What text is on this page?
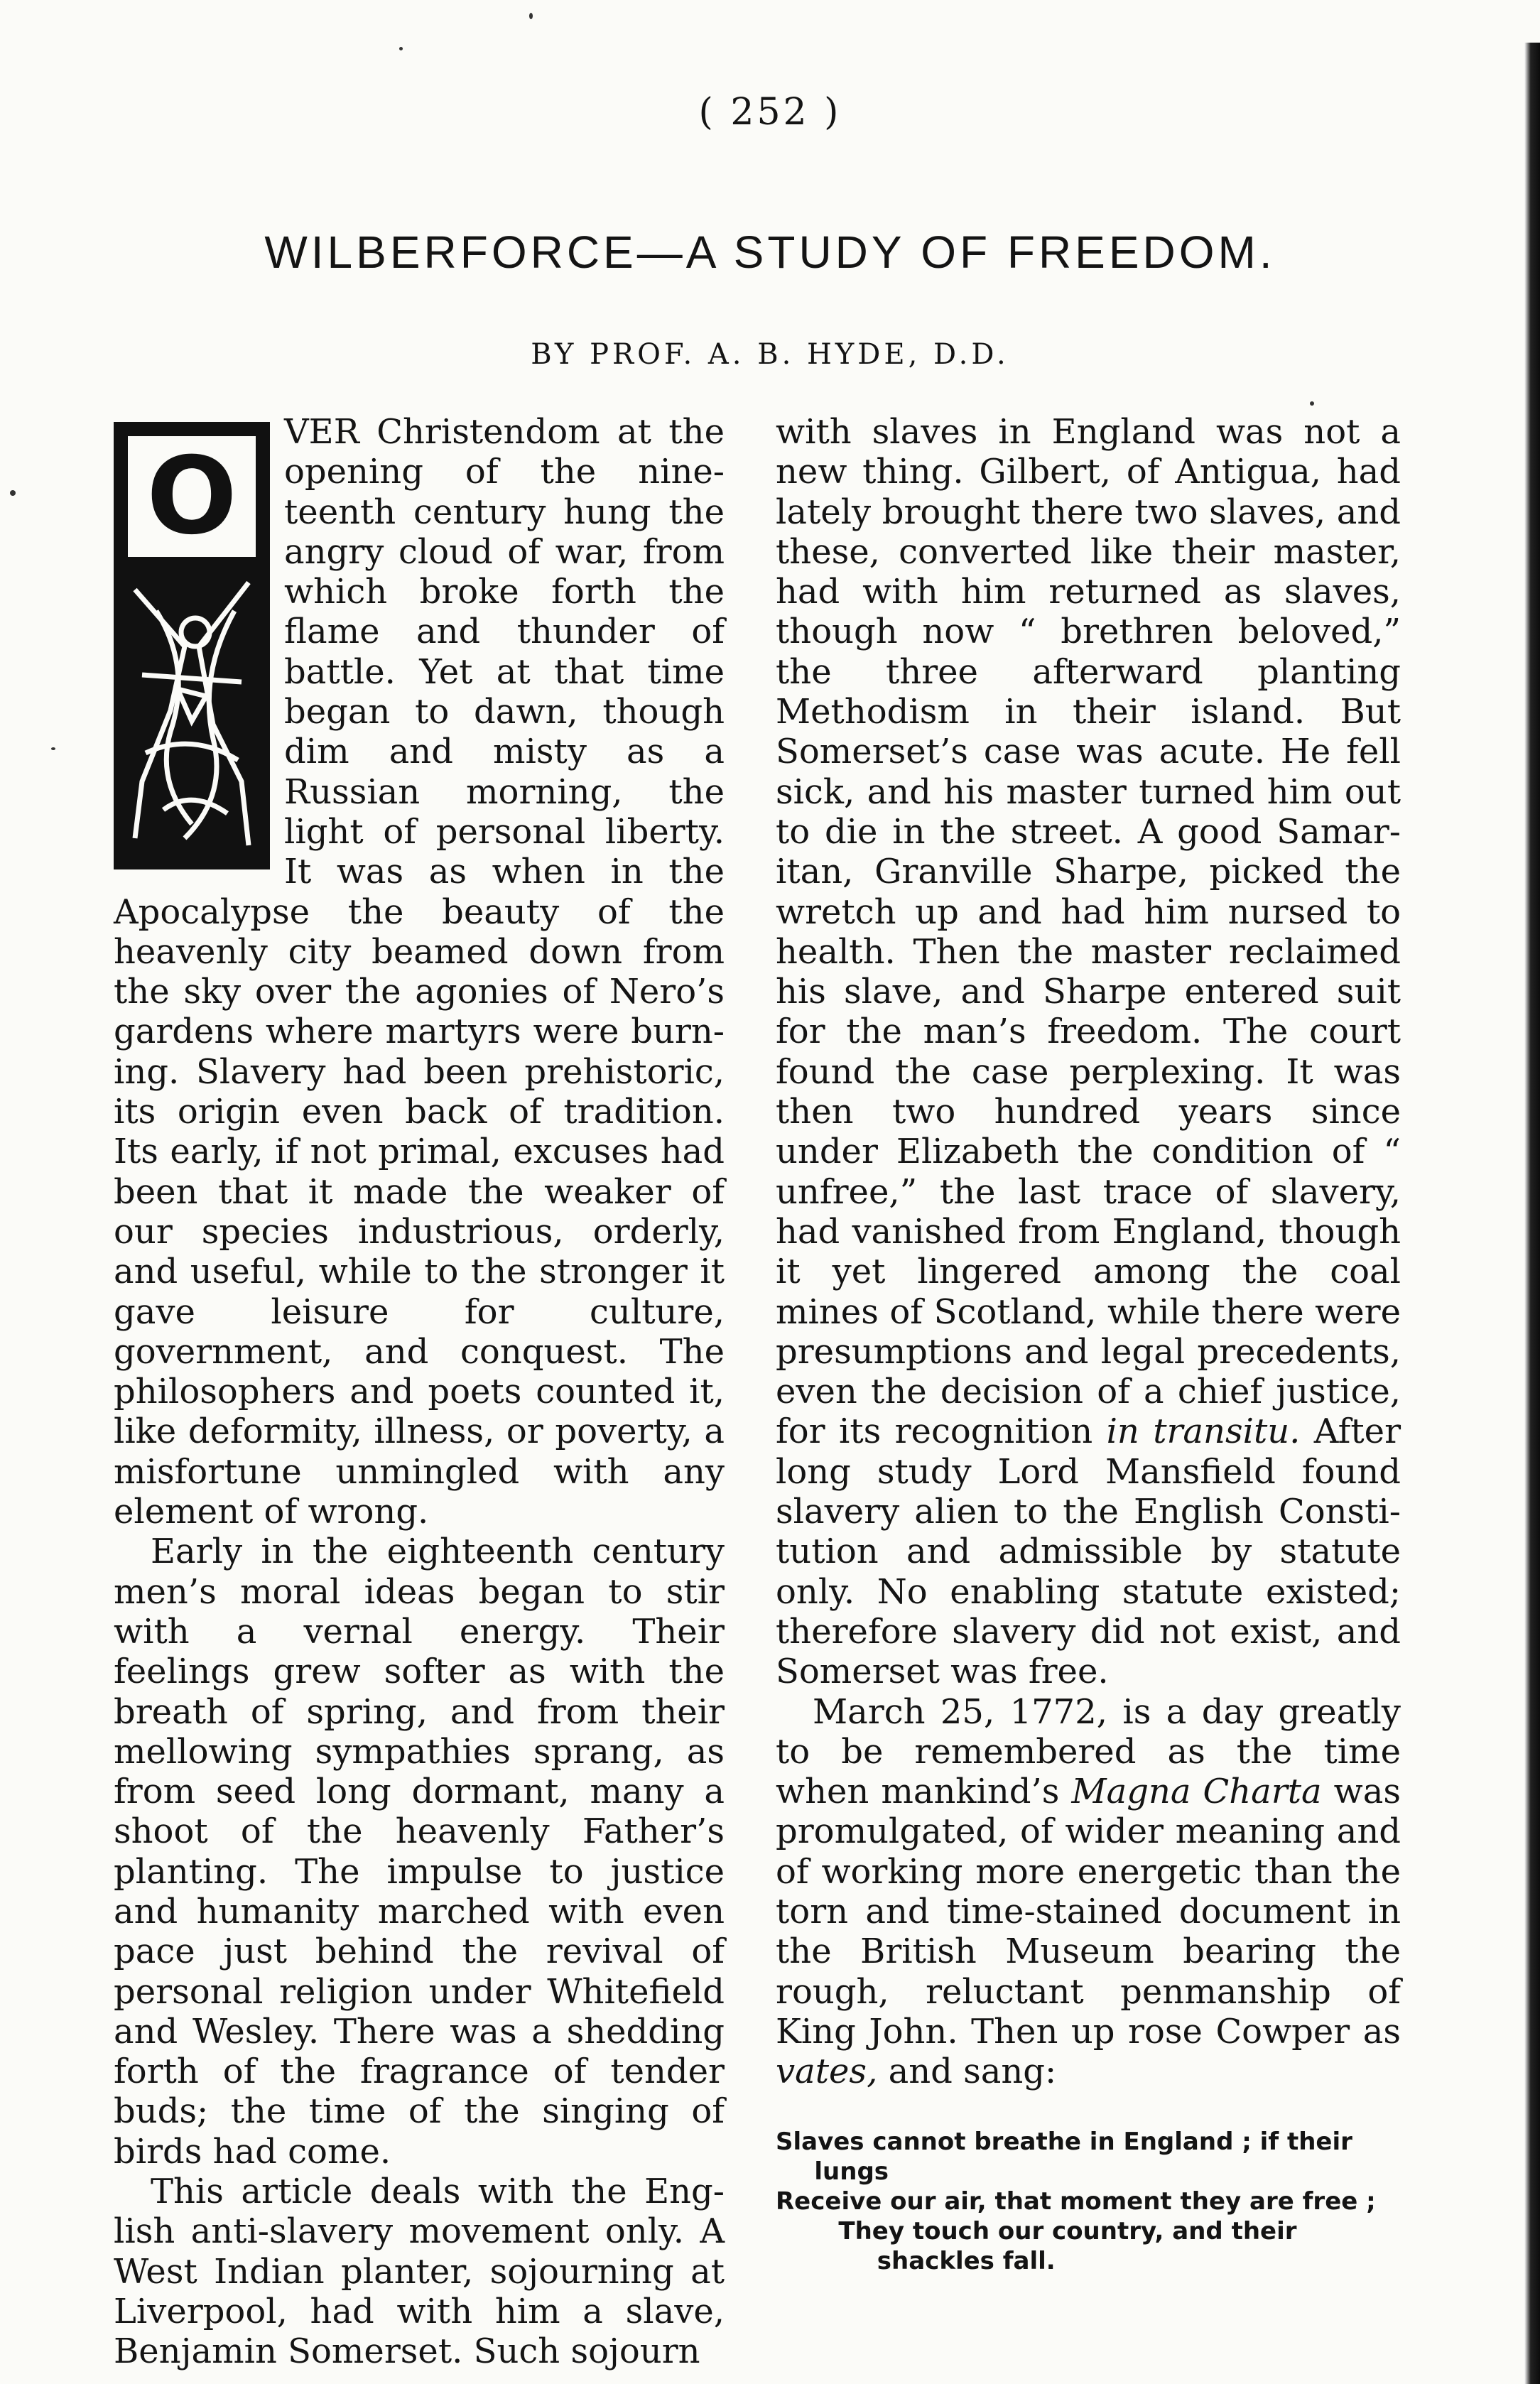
( 252 )
WILBERFORCE—A STUDY OF FREEDOM.
BY PROF. A. B. HYDE, D.D.
O

VER Christendom at the opening of the nineteenth century hung the angry cloud of war, from which broke forth the flame and thunder of battle. Yet at that time began to dawn, though dim and misty as a Russian morning, the light of personal liberty. It was as when in the Apocalypse the beauty of the heavenly city beamed down from the sky over the agonies of Nero’s gardens where martyrs were burning. Slavery had been prehistoric, its origin even back of tradition. Its early, if not primal, excuses had been that it made the weaker of our species industrious, orderly, and useful, while to the stronger it gave leisure for culture, government, and conquest. The philosophers and poets counted it, like deformity, illness, or poverty, a misfortune unmingled with any element of wrong.

Early in the eighteenth century men’s moral ideas began to stir with a vernal energy. Their feelings grew softer as with the breath of spring, and from their mellowing sympathies sprang, as from seed long dormant, many a shoot of the heavenly Father’s planting. The impulse to justice and humanity marched with even pace just behind the revival of personal religion under Whitefield and Wesley. There was a shedding forth of the fragrance of tender buds; the time of the singing of birds had come.

This article deals with the English anti-slavery movement only. A West Indian planter, sojourning at Liverpool, had with him a slave, Benjamin Somerset. Such sojourn

with slaves in England was not a new thing. Gilbert, of Antigua, had lately brought there two slaves, and these, converted like their master, had with him returned as slaves, though now “ brethren beloved,” the three afterward planting Methodism in their island. But Somerset’s case was acute. He fell sick, and his master turned him out to die in the street. A good Samaritan, Granville Sharpe, picked the wretch up and had him nursed to health. Then the master reclaimed his slave, and Sharpe entered suit for the man’s freedom. The court found the case perplexing. It was then two hundred years since under Elizabeth the condition of “ unfree,” the last trace of slavery, had vanished from England, though it yet lingered among the coal mines of Scotland, while there were presumptions and legal precedents, even the decision of a chief justice, for its recognition in transitu. After long study Lord Mansfield found slavery alien to the English Constitution and admissible by statute only. No enabling statute existed; therefore slavery did not exist, and Somerset was free.

March 25, 1772, is a day greatly to be remembered as the time when mankind’s Magna Charta was promulgated, of wider meaning and of working more energetic than the torn and time-stained document in the British Museum bearing the rough, reluctant penmanship of King John. Then up rose Cowper as vates, and sang:

Slaves cannot breathe in England ; if their lungs
Receive our air, that moment they are free ;
They touch our country, and their shackles fall.
